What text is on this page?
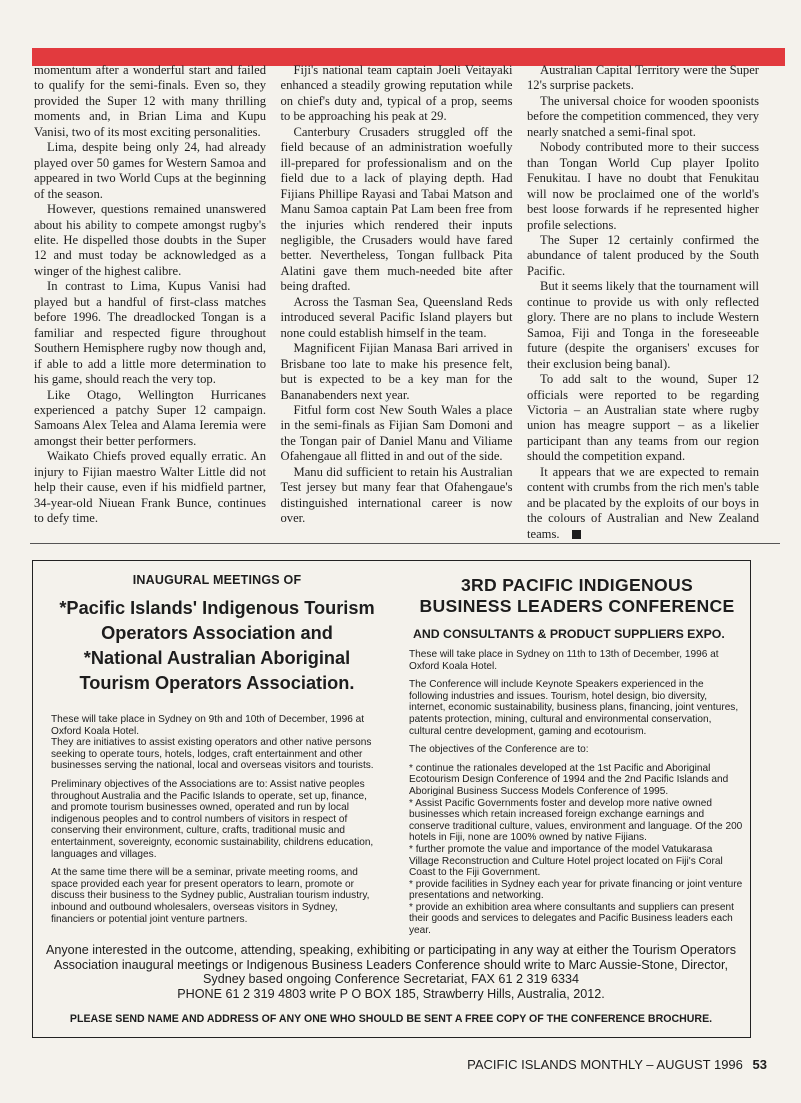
momentum after a wonderful start and failed to qualify for the semi-finals. Even so, they provided the Super 12 with many thrilling moments and, in Brian Lima and Kupu Vanisi, two of its most exciting personalities.

Lima, despite being only 24, had already played over 50 games for Western Samoa and appeared in two World Cups at the beginning of the season.

However, questions remained unanswered about his ability to compete amongst rugby's elite. He dispelled those doubts in the Super 12 and must today be acknowledged as a winger of the highest calibre.

In contrast to Lima, Kupus Vanisi had played but a handful of first-class matches before 1996. The dreadlocked Tongan is a familiar and respected figure throughout Southern Hemisphere rugby now though and, if able to add a little more determination to his game, should reach the very top.

Like Otago, Wellington Hurricanes experienced a patchy Super 12 campaign. Samoans Alex Telea and Alama Ieremia were amongst their better performers.

Waikato Chiefs proved equally erratic. An injury to Fijian maestro Walter Little did not help their cause, even if his midfield partner, 34-year-old Niuean Frank Bunce, continues to defy time.

Fiji's national team captain Joeli Veitayaki enhanced a steadily growing reputation while on chief's duty and, typical of a prop, seems to be approaching his peak at 29.

Canterbury Crusaders struggled off the field because of an administration woefully ill-prepared for professionalism and on the field due to a lack of playing depth. Had Fijians Phillipe Rayasi and Tabai Matson and Manu Samoa captain Pat Lam been free from the injuries which rendered their inputs negligible, the Crusaders would have fared better. Nevertheless, Tongan fullback Pita Alatini gave them much-needed bite after being drafted.

Across the Tasman Sea, Queensland Reds introduced several Pacific Island players but none could establish himself in the team.

Magnificent Fijian Manasa Bari arrived in Brisbane too late to make his presence felt, but is expected to be a key man for the Bananabenders next year.

Fitful form cost New South Wales a place in the semi-finals as Fijian Sam Domoni and the Tongan pair of Daniel Manu and Viliame Ofahengaue all flitted in and out of the side.

Manu did sufficient to retain his Australian Test jersey but many fear that Ofahengaue's distinguished international career is now over.

Australian Capital Territory were the Super 12's surprise packets.

The universal choice for wooden spoonists before the competition commenced, they very nearly snatched a semi-final spot.

Nobody contributed more to their success than Tongan World Cup player Ipolito Fenukitau. I have no doubt that Fenukitau will now be proclaimed one of the world's best loose forwards if he represented higher profile selections.

The Super 12 certainly confirmed the abundance of talent produced by the South Pacific.

But it seems likely that the tournament will continue to provide us with only reflected glory. There are no plans to include Western Samoa, Fiji and Tonga in the foreseeable future (despite the organisers' excuses for their exclusion being banal).

To add salt to the wound, Super 12 officials were reported to be regarding Victoria – an Australian state where rugby union has meagre support – as a likelier participant than any teams from our region should the competition expand.

It appears that we are expected to remain content with crumbs from the rich men's table and be placated by the exploits of our boys in the colours of Australian and New Zealand teams.

INAUGURAL MEETINGS OF
*Pacific Islands' Indigenous Tourism Operators Association and
*National Australian Aboriginal Tourism Operators Association.

These will take place in Sydney on 9th and 10th of December, 1996 at Oxford Koala Hotel.
They are initiatives to assist existing operators and other native persons seeking to operate tours, hotels, lodges, craft entertainment and other businesses serving the national, local and overseas visitors and tourists.

Preliminary objectives of the Associations are to: Assist native peoples throughout Australia and the Pacific Islands to operate, set up, finance, and promote tourism businesses owned, operated and run by local indigenous peoples and to control numbers of visitors in respect of conserving their environment, culture, crafts, traditional music and entertainment, sovereignty, economic sustainability, childrens education, languages and villages.

At the same time there will be a seminar, private meeting rooms, and space provided each year for present operators to learn, promote or discuss their business to the Sydney public, Australian tourism industry, inbound and outbound wholesalers, overseas visitors in Sydney, financiers or potential joint venture partners.

3RD PACIFIC INDIGENOUS
BUSINESS LEADERS CONFERENCE
AND CONSULTANTS & PRODUCT SUPPLIERS EXPO.

These will take place in Sydney on 11th to 13th of December, 1996 at Oxford Koala Hotel.

The Conference will include Keynote Speakers experienced in the following industries and issues. Tourism, hotel design, bio diversity, internet, economic sustainability, business plans, financing, joint ventures, patents protection, mining, cultural and environmental conservation, cultural centre development, gaming and ecotourism.

The objectives of the Conference are to:

* continue the rationales developed at the 1st Pacific and Aboriginal Ecotourism Design Conference of 1994 and the 2nd Pacific Islands and Aboriginal Business Success Models Conference of 1995.
* Assist Pacific Governments foster and develop more native owned businesses which retain increased foreign exchange earnings and conserve traditional culture, values, environment and language. Of the 200 hotels in Fiji, none are 100% owned by native Fijians.
* further promote the value and importance of the model Vatukarasa Village Reconstruction and Culture Hotel project located on Fiji's Coral Coast to the Fiji Government.
* provide facilities in Sydney each year for private financing or joint venture presentations and networking.
* provide an exhibition area where consultants and suppliers can present their goods and services to delegates and Pacific Business leaders each year.

Anyone interested in the outcome, attending, speaking, exhibiting or participating in any way at either the Tourism Operators Association inaugural meetings or Indigenous Business Leaders Conference should write to Marc Aussie-Stone, Director, Sydney based ongoing Conference Secretariat, FAX 61 2 319 6334
PHONE 61 2 319 4803 write P O BOX 185, Strawberry Hills, Australia, 2012.

PLEASE SEND NAME AND ADDRESS OF ANY ONE WHO SHOULD BE SENT A FREE COPY OF THE CONFERENCE BROCHURE.

PACIFIC ISLANDS MONTHLY – AUGUST 1996 53
